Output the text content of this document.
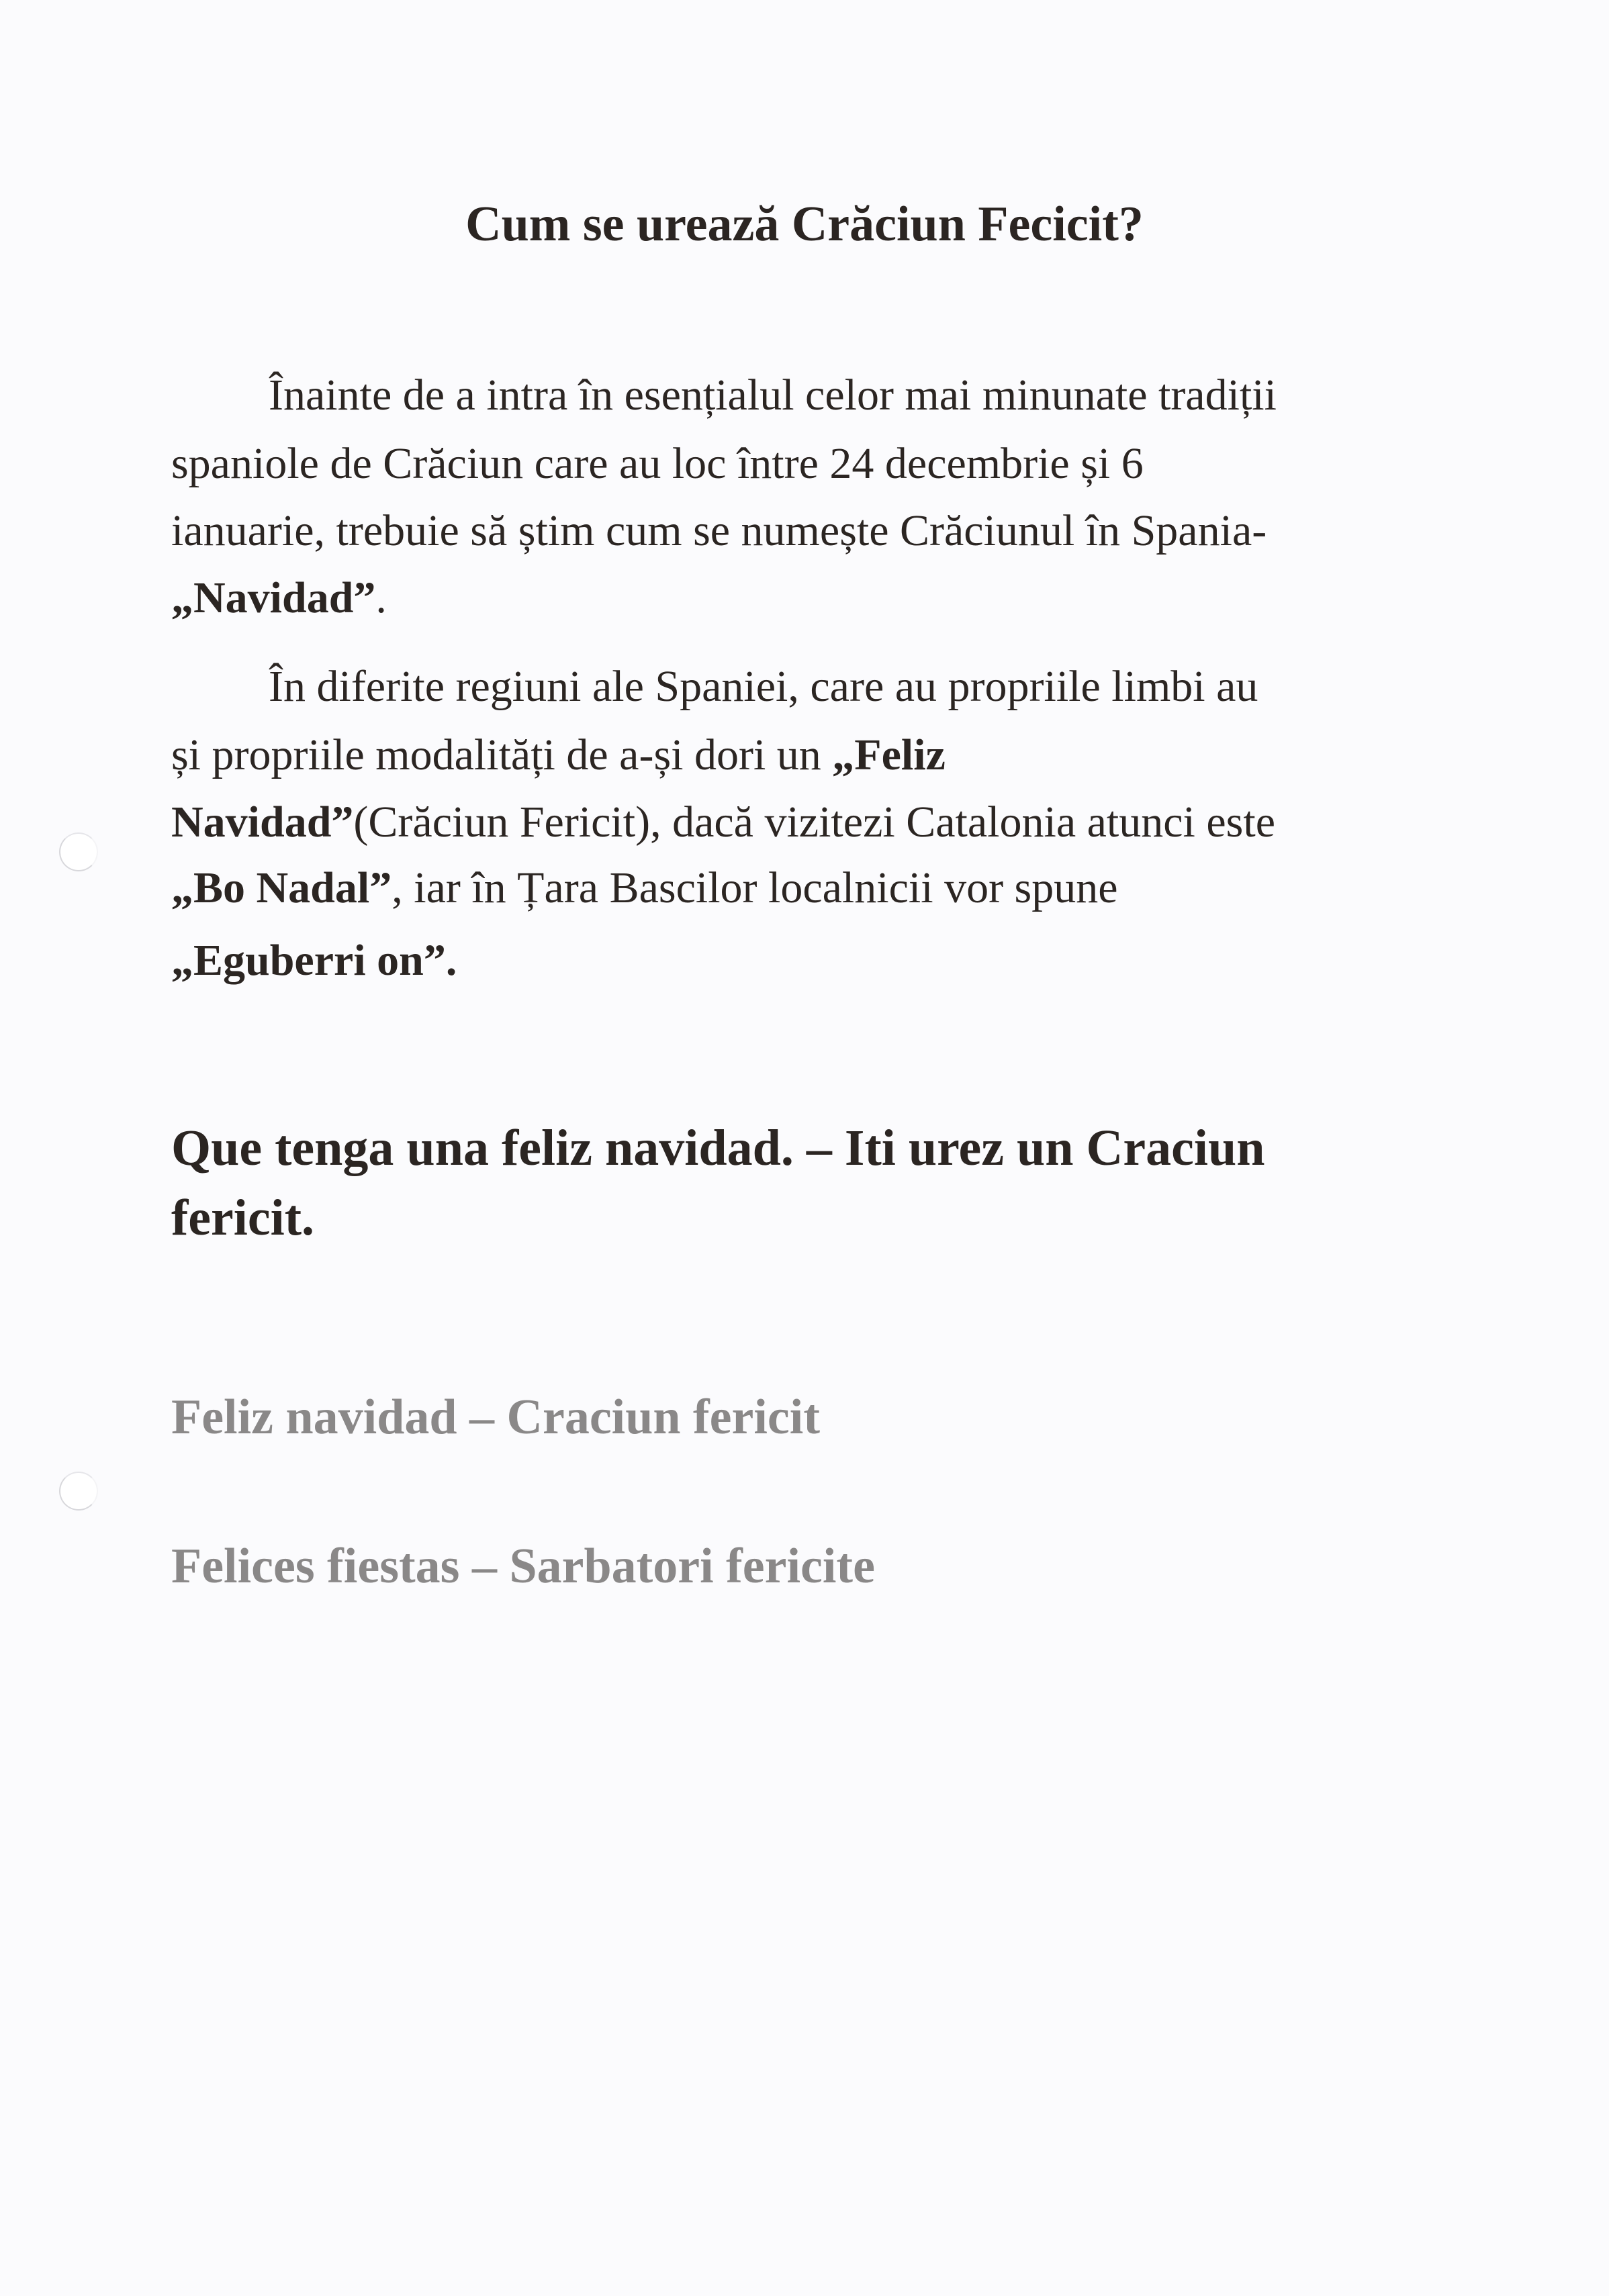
Cum se urează Crăciun Fecicit?
Înainte de a intra în esențialul celor mai minunate tradiții
spaniole de Crăciun care au loc între 24 decembrie și 6
ianuarie, trebuie să știm cum se numește Crăciunul în Spania-
„Navidad”.
În diferite regiuni ale Spaniei, care au propriile limbi au
și propriile modalități de a-și dori un „Feliz
Navidad”(Crăciun Fericit), dacă vizitezi Catalonia atunci este
„Bo Nadal”, iar în Țara Bascilor localnicii vor spune
„Eguberri on”.
Que tenga una feliz navidad. – Iti urez un Craciun
fericit.
Feliz navidad – Craciun fericit
Felices fiestas – Sarbatori fericite
